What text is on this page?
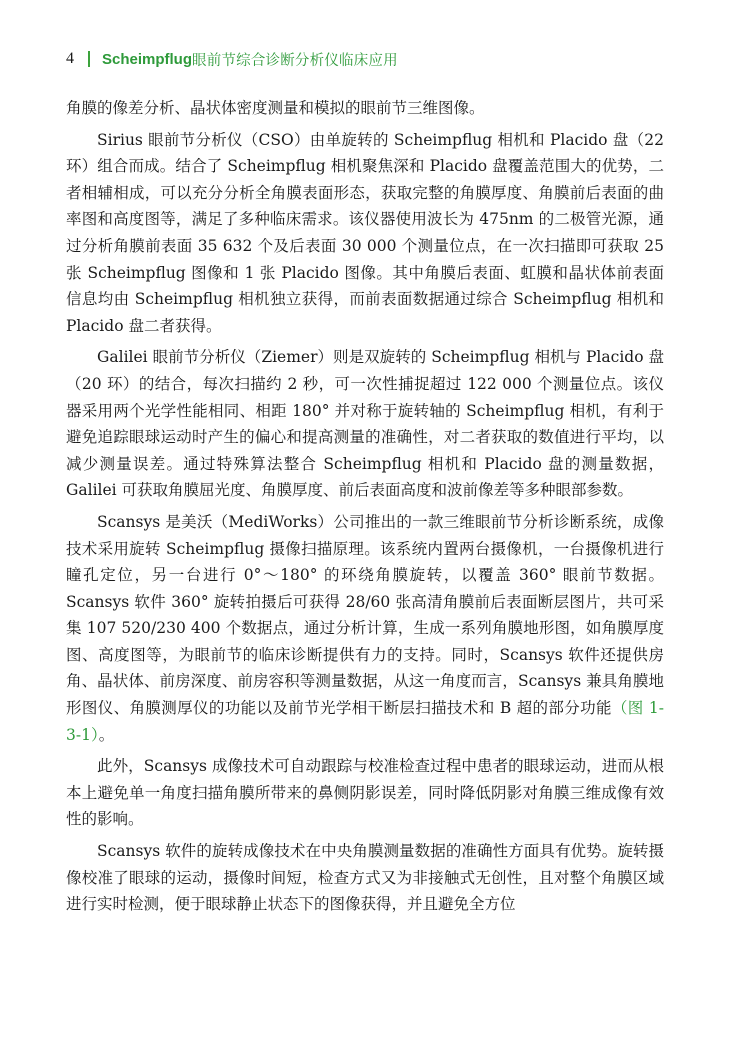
4 Scheimpflug 眼前节综合诊断分析仪临床应用

角膜的像差分析、晶状体密度测量和模拟的眼前节三维图像。

Sirius 眼前节分析仪（CSO）由单旋转的 Scheimpflug 相机和 Placido 盘（22 环）组合而成。结合了 Scheimpflug 相机聚焦深和 Placido 盘覆盖范围大的优势，二者相辅相成，可以充分分析全角膜表面形态，获取完整的角膜厚度、角膜前后表面的曲率图和高度图等，满足了多种临床需求。该仪器使用波长为 475nm 的二极管光源，通过分析角膜前表面 35 632 个及后表面 30 000 个测量位点，在一次扫描即可获取 25 张 Scheimpflug 图像和 1 张 Placido 图像。其中角膜后表面、虹膜和晶状体前表面信息均由 Scheimpflug 相机独立获得，而前表面数据通过综合 Scheimpflug 相机和 Placido 盘二者获得。

Galilei 眼前节分析仪（Ziemer）则是双旋转的 Scheimpflug 相机与 Placido 盘（20 环）的结合，每次扫描约 2 秒，可一次性捕捉超过 122 000 个测量位点。该仪器采用两个光学性能相同、相距 180° 并对称于旋转轴的 Scheimpflug 相机，有利于避免追踪眼球运动时产生的偏心和提高测量的准确性，对二者获取的数值进行平均，以减少测量误差。通过特殊算法整合 Scheimpflug 相机和 Placido 盘的测量数据，Galilei 可获取角膜屈光度、角膜厚度、前后表面高度和波前像差等多种眼部参数。

Scansys 是美沃（MediWorks）公司推出的一款三维眼前节分析诊断系统，成像技术采用旋转 Scheimpflug 摄像扫描原理。该系统内置两台摄像机，一台摄像机进行瞳孔定位，另一台进行 0°～180° 的环绕角膜旋转，以覆盖 360° 眼前节数据。Scansys 软件 360° 旋转拍摄后可获得 28/60 张高清角膜前后表面断层图片，共可采集 107 520/230 400 个数据点，通过分析计算，生成一系列角膜地形图，如角膜厚度图、高度图等，为眼前节的临床诊断提供有力的支持。同时，Scansys 软件还提供房角、晶状体、前房深度、前房容积等测量数据，从这一角度而言，Scansys 兼具角膜地形图仪、角膜测厚仪的功能以及前节光学相干断层扫描技术和 B 超的部分功能（图 1-3-1）。

此外，Scansys 成像技术可自动跟踪与校准检查过程中患者的眼球运动，进而从根本上避免单一角度扫描角膜所带来的鼻侧阴影误差，同时降低阴影对角膜三维成像有效性的影响。

Scansys 软件的旋转成像技术在中央角膜测量数据的准确性方面具有优势。旋转摄像校准了眼球的运动，摄像时间短，检查方式又为非接触式无创性，且对整个角膜区域进行实时检测，便于眼球静止状态下的图像获得，并且避免全方位
